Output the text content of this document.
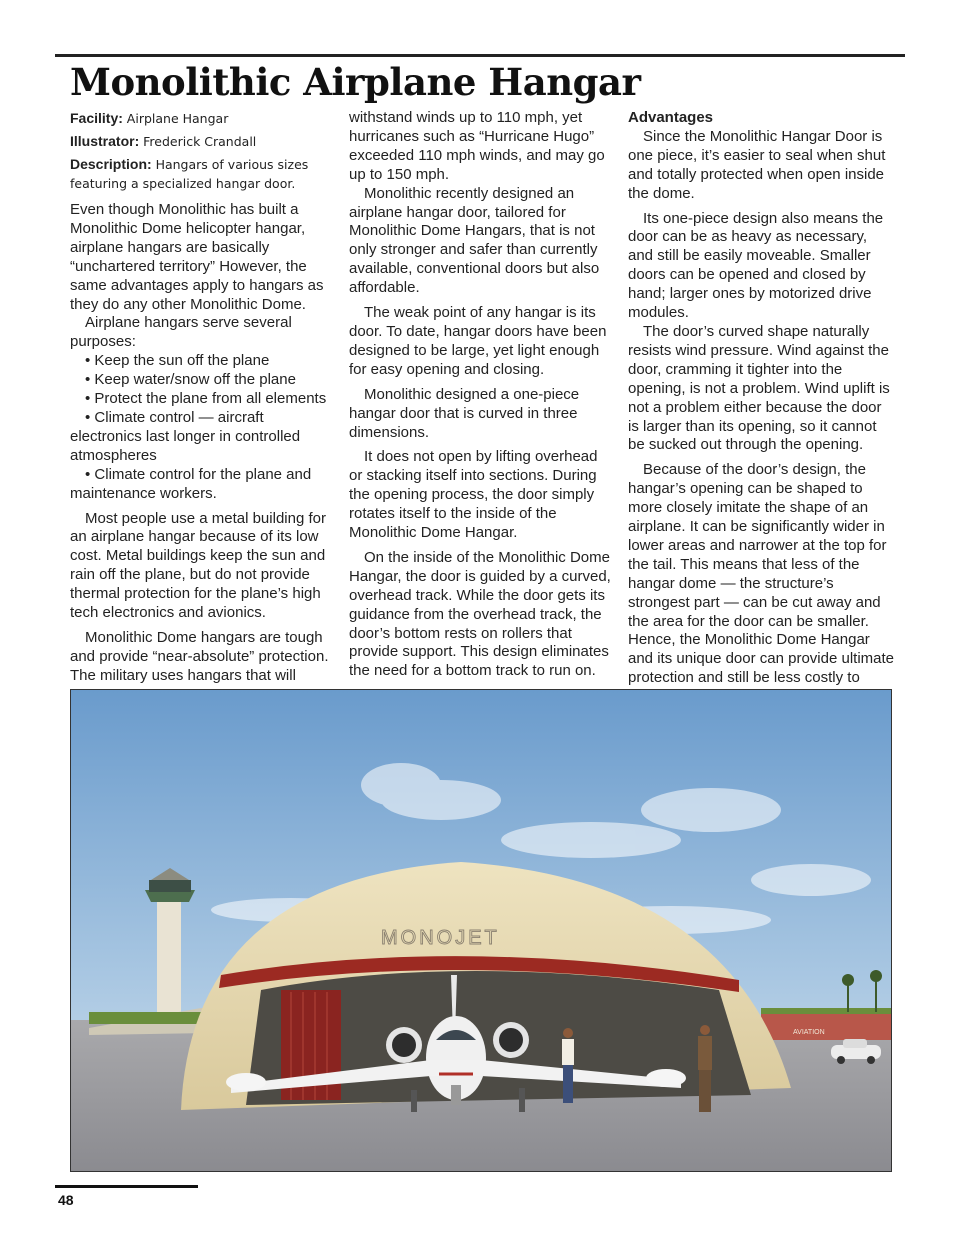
Monolithic Airplane Hangar
Facility: Airplane Hangar
Illustrator: Frederick Crandall
Description: Hangars of various sizes featuring a specialized hangar door.

Even though Monolithic has built a Monolithic Dome helicopter hangar, airplane hangars are basically “unchartered territory” However, the same advantages apply to hangars as they do any other Monolithic Dome.

Airplane hangars serve several purposes:

• Keep the sun off the plane

• Keep water/snow off the plane

• Protect the plane from all elements

• Climate control — aircraft electronics last longer in controlled atmospheres

• Climate control for the plane and maintenance workers.

Most people use a metal building for an airplane hangar because of its low cost. Metal buildings keep the sun and rain off the plane, but do not provide thermal protection for the plane’s high tech electronics and avionics.

Monolithic Dome hangars are tough and provide “near-absolute” protection. The military uses hangars that will

withstand winds up to 110 mph, yet hurricanes such as “Hurricane Hugo” exceeded 110 mph winds, and may go up to 150 mph.

Monolithic recently designed an airplane hangar door, tailored for Monolithic Dome Hangars, that is not only stronger and safer than currently available, conventional doors but also affordable.

The weak point of any hangar is its door. To date, hangar doors have been designed to be large, yet light enough for easy opening and closing.

Monolithic designed a one-piece hangar door that is curved in three dimensions.

It does not open by lifting overhead or stacking itself into sections. During the opening process, the door simply rotates itself to the inside of the Monolithic Dome Hangar.

On the inside of the Monolithic Dome Hangar, the door is guided by a curved, overhead track. While the door gets its guidance from the overhead track, the door’s bottom rests on rollers that provide support. This design eliminates the need for a bottom track to run on.

Advantages

Since the Monolithic Hangar Door is one piece, it’s easier to seal when shut and totally protected when open inside the dome.

Its one-piece design also means the door can be as heavy as necessary, and still be easily moveable. Smaller doors can be opened and closed by hand; larger ones by motorized drive modules.

The door’s curved shape naturally resists wind pressure. Wind against the door, cramming it tighter into the opening, is not a problem. Wind uplift is not a problem either because the door is larger than its opening, so it cannot be sucked out through the opening.

Because of the door’s design, the hangar’s opening can be shaped to more closely imitate the shape of an airplane. It can be significantly wider in lower areas and narrower at the top for the tail. This means that less of the hangar dome — the structure’s strongest part — can be cut away and the area for the door can be smaller. Hence, the Monolithic Dome Hangar and its unique door can provide ultimate protection and still be less costly to

AVIATION
MONOJET
48
